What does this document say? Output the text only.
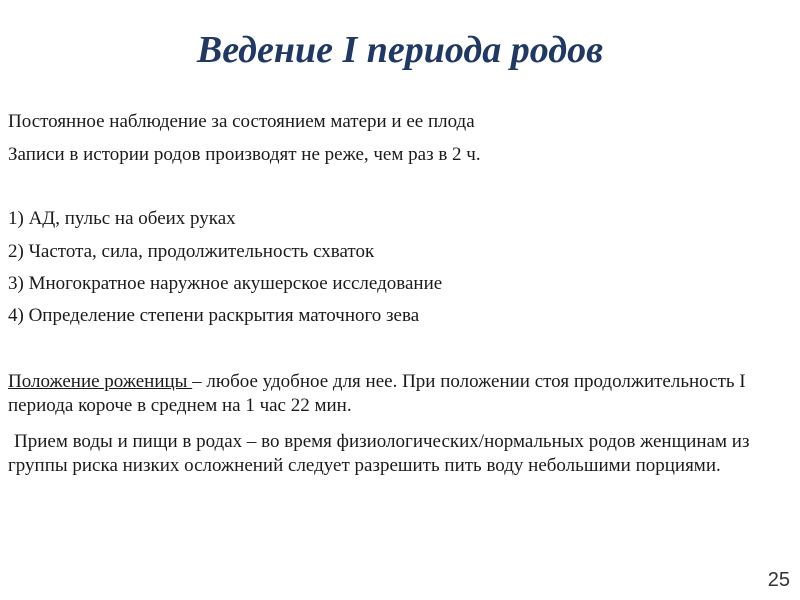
Ведение I периода родов

Постоянное наблюдение за состоянием матери и ее плода

Записи в истории родов производят не реже, чем раз в 2 ч.

1) АД, пульс на обеих руках

2) Частота, сила, продолжительность схваток

3) Многократное наружное акушерское исследование

4) Определение степени раскрытия маточного зева

Положение роженицы – любое удобное для нее. При положении стоя продолжительность I периода короче в среднем на 1 час 22 мин.

Прием воды и пищи в родах – во время физиологических/нормальных родов женщинам из группы риска низких осложнений следует разрешить пить воду небольшими порциями.

25
